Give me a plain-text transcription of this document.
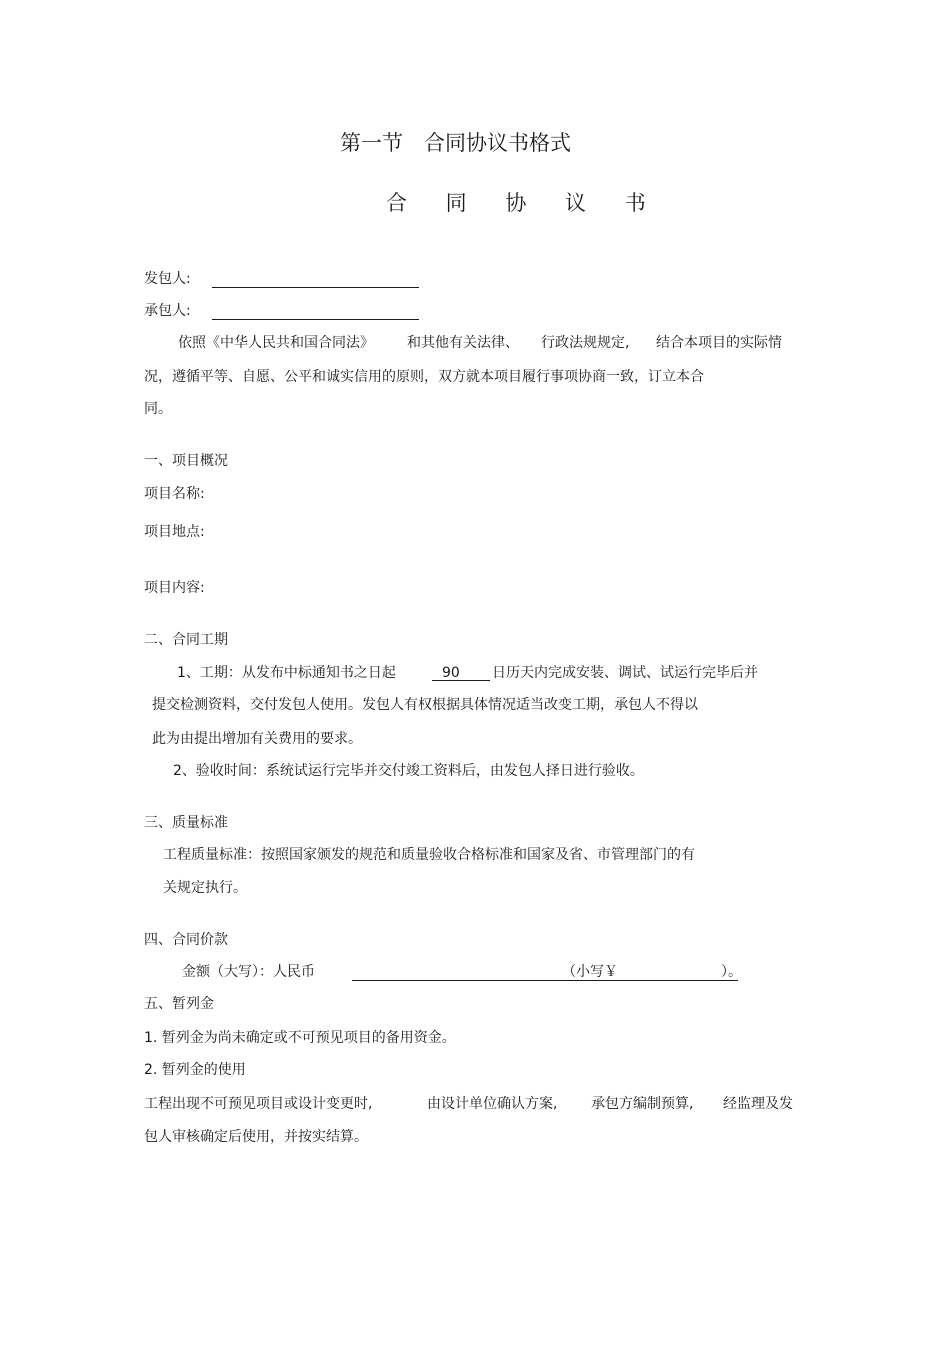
第一节　合同协议书格式
合 同 协 议 书
发包人:
承包人:
依照《中华人民共和国合同法》 和其他有关法律、 行政法规规定, 结合本项目的实际情
况，遵循平等、自愿、公平和诚实信用的原则，双方就本项目履行事项协商一致，订立本合
同。
一、项目概况
项目名称:
项目地点:
项目内容:
二、合同工期
1、工期：从发布中标通知书之日起	90	日历天内完成安装、调试、试运行完毕后并
提交检测资料，交付发包人使用。发包人有权根据具体情况适当改变工期，承包人不得以
此为由提出增加有关费用的要求。
2、验收时间：系统试运行完毕并交付竣工资料后，由发包人择日进行验收。
三、质量标准
工程质量标准：按照国家颁发的规范和质量验收合格标准和国家及省、市管理部门的有
关规定执行。
四、合同价款
金额（大写）：人民币	（小写￥	）。
五、暂列金
1. 暂列金为尚未确定或不可预见项目的备用资金。
2. 暂列金的使用
工程出现不可预见项目或设计变更时,	由设计单位确认方案, 承包方编制预算, 经监理及发
包人审核确定后使用，并按实结算。
